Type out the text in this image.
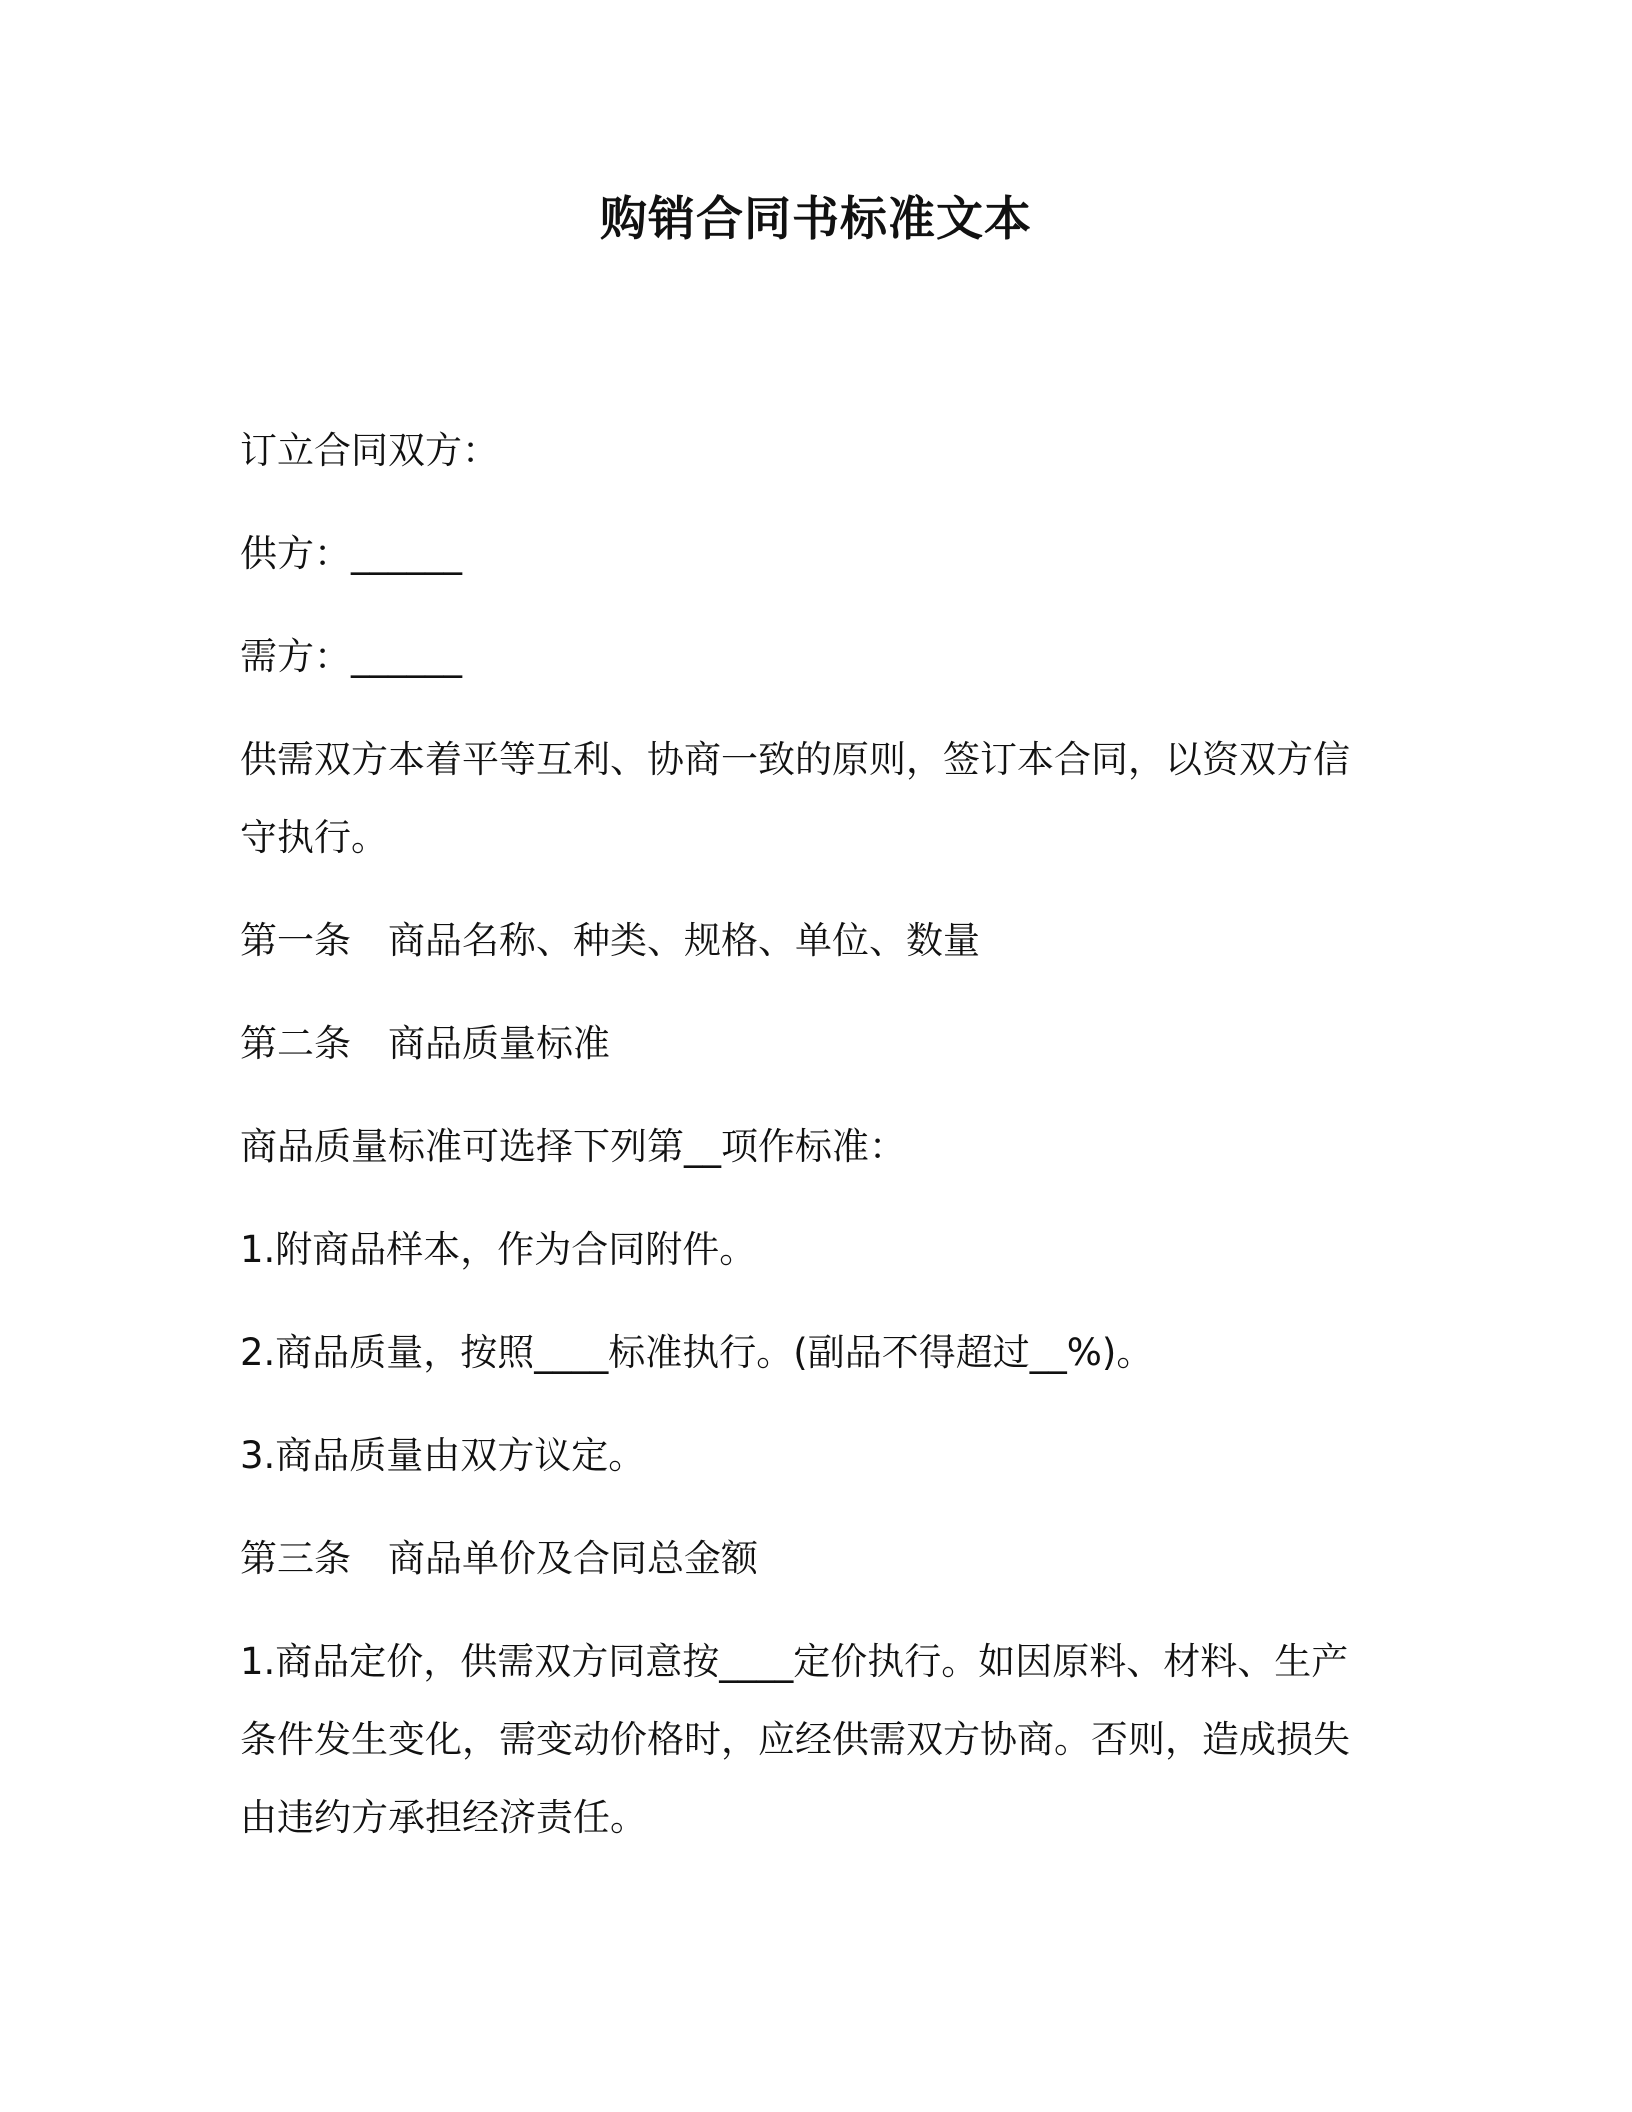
购销合同书标准文本

订立合同双方：

供方：______

需方：______

供需双方本着平等互利、协商一致的原则，签订本合同，以资双方信守执行。

第一条　商品名称、种类、规格、单位、数量

第二条　商品质量标准

商品质量标准可选择下列第__项作标准：

1.附商品样本，作为合同附件。

2.商品质量，按照____标准执行。(副品不得超过__%)。

3.商品质量由双方议定。

第三条　商品单价及合同总金额

1.商品定价，供需双方同意按____定价执行。如因原料、材料、生产条件发生变化，需变动价格时，应经供需双方协商。否则，造成损失由违约方承担经济责任。
